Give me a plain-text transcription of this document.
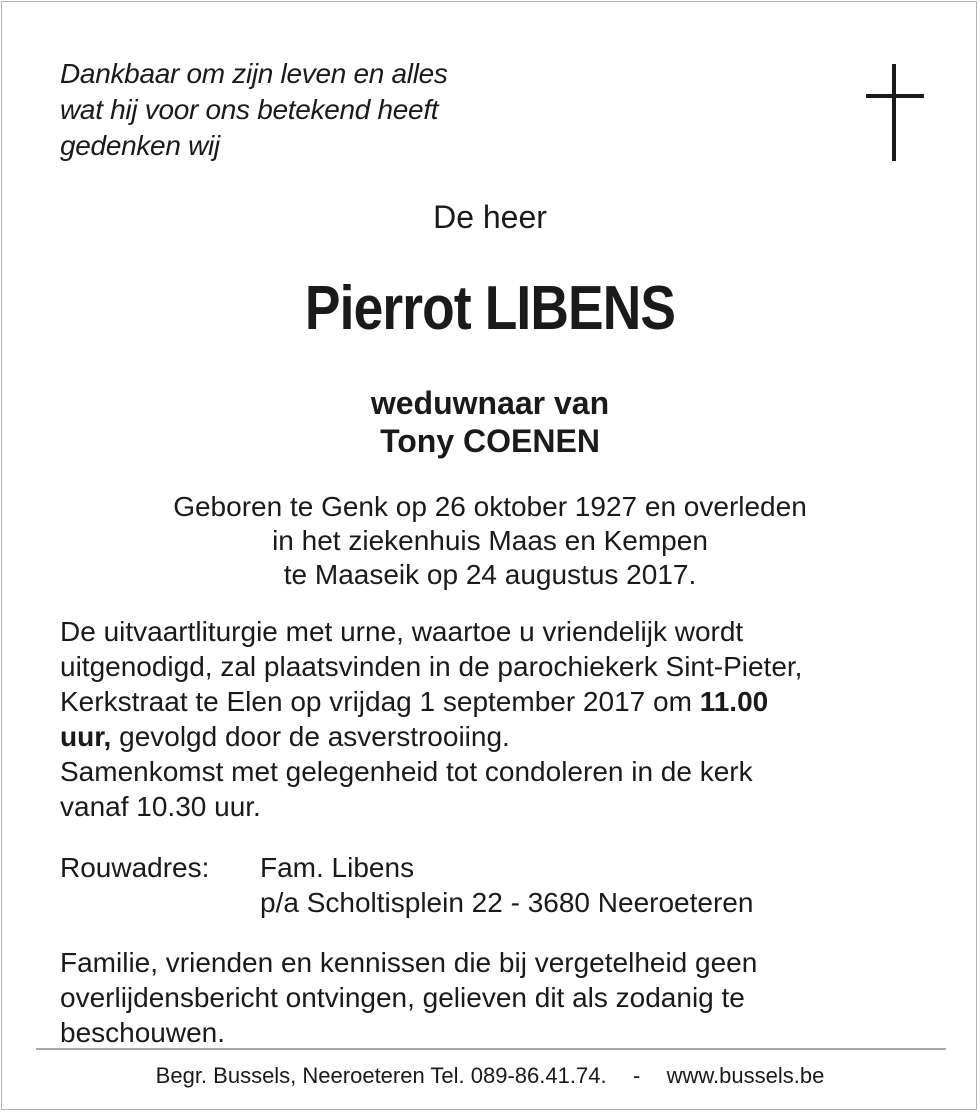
Dankbaar om zijn leven en alles
wat hij voor ons betekend heeft
gedenken wij
De heer
Pierrot LIBENS
weduwnaar van
Tony COENEN
Geboren te Genk op 26 oktober 1927 en overleden
in het ziekenhuis Maas en Kempen
te Maaseik op 24 augustus 2017.
De uitvaartliturgie met urne, waartoe u vriendelijk wordt
uitgenodigd, zal plaatsvinden in de parochiekerk Sint-Pieter,
Kerkstraat te Elen op vrijdag 1 september 2017 om 11.00
uur, gevolgd door de asverstrooiing.
Samenkomst met gelegenheid tot condoleren in de kerk
vanaf 10.30 uur.
Rouwadres: Fam. Libens
p/a Scholtisplein 22 - 3680 Neeroeteren
Familie, vrienden en kennissen die bij vergetelheid geen
overlijdensbericht ontvingen, gelieven dit als zodanig te
beschouwen.
Begr. Bussels, Neeroeteren Tel. 089-86.41.74. - www.bussels.be
